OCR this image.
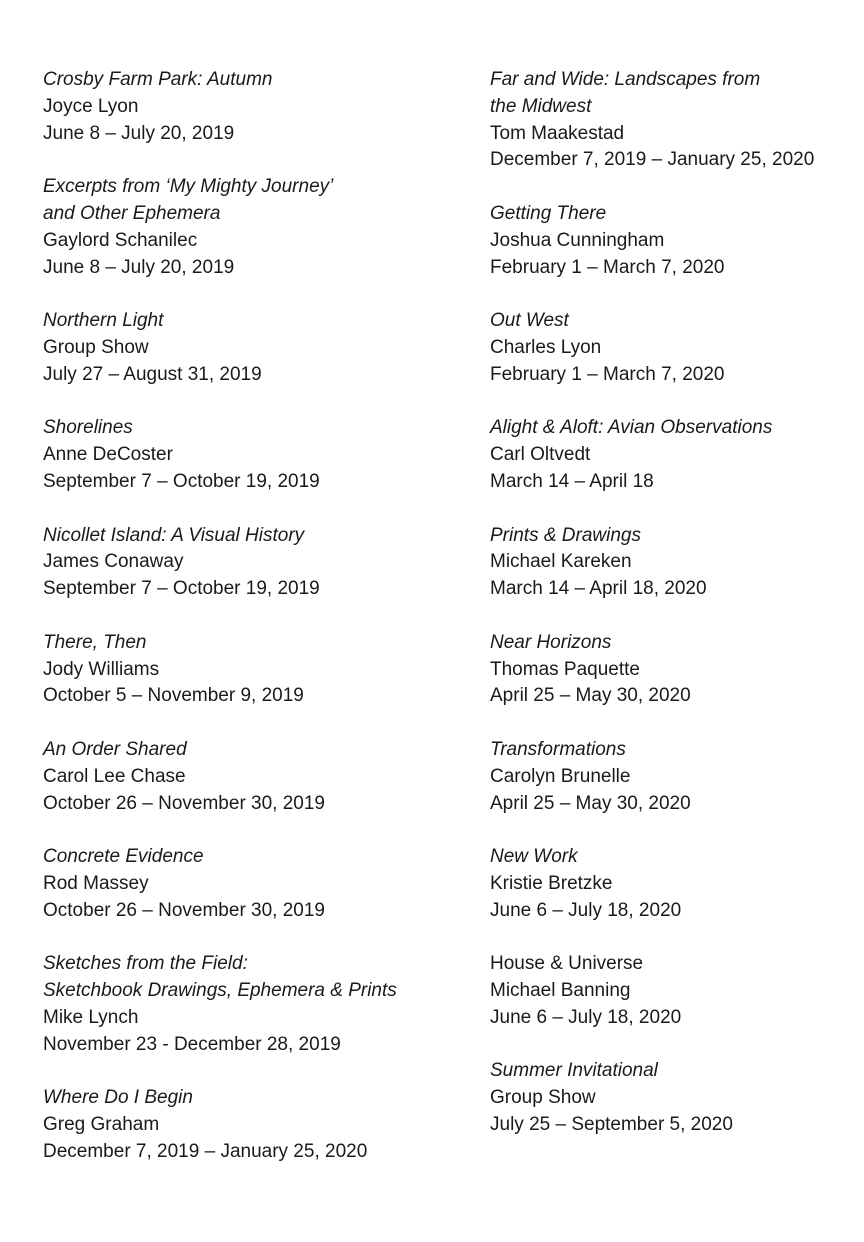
Crosby Farm Park: Autumn
Joyce Lyon
June 8 – July 20, 2019
Excerpts from ‘My Mighty Journey’
and Other Ephemera
Gaylord Schanilec
June 8 – July 20, 2019
Northern Light
Group Show
July 27 – August 31, 2019
Shorelines
Anne DeCoster
September 7 – October 19, 2019
Nicollet Island: A Visual History
James Conaway
September 7 – October 19, 2019
There, Then
Jody Williams
October 5 – November 9, 2019
An Order Shared
Carol Lee Chase
October 26 – November 30, 2019
Concrete Evidence
Rod Massey
October 26 – November 30, 2019
Sketches from the Field:
Sketchbook Drawings, Ephemera & Prints
Mike Lynch
November 23 - December 28, 2019
Where Do I Begin
Greg Graham
December 7, 2019 – January 25, 2020
Far and Wide: Landscapes from
the Midwest
Tom Maakestad
December 7, 2019 – January 25, 2020
Getting There
Joshua Cunningham
February 1 – March 7, 2020
Out West
Charles Lyon
February 1 – March 7, 2020
Alight & Aloft: Avian Observations
Carl Oltvedt
March 14 – April 18
Prints & Drawings
Michael Kareken
March 14 – April 18, 2020
Near Horizons
Thomas Paquette
April 25 – May 30, 2020
Transformations
Carolyn Brunelle
April 25 – May 30, 2020
New Work
Kristie Bretzke
June 6 – July 18, 2020
House & Universe
Michael Banning
June 6 – July 18, 2020
Summer Invitational
Group Show
July 25 – September 5, 2020
